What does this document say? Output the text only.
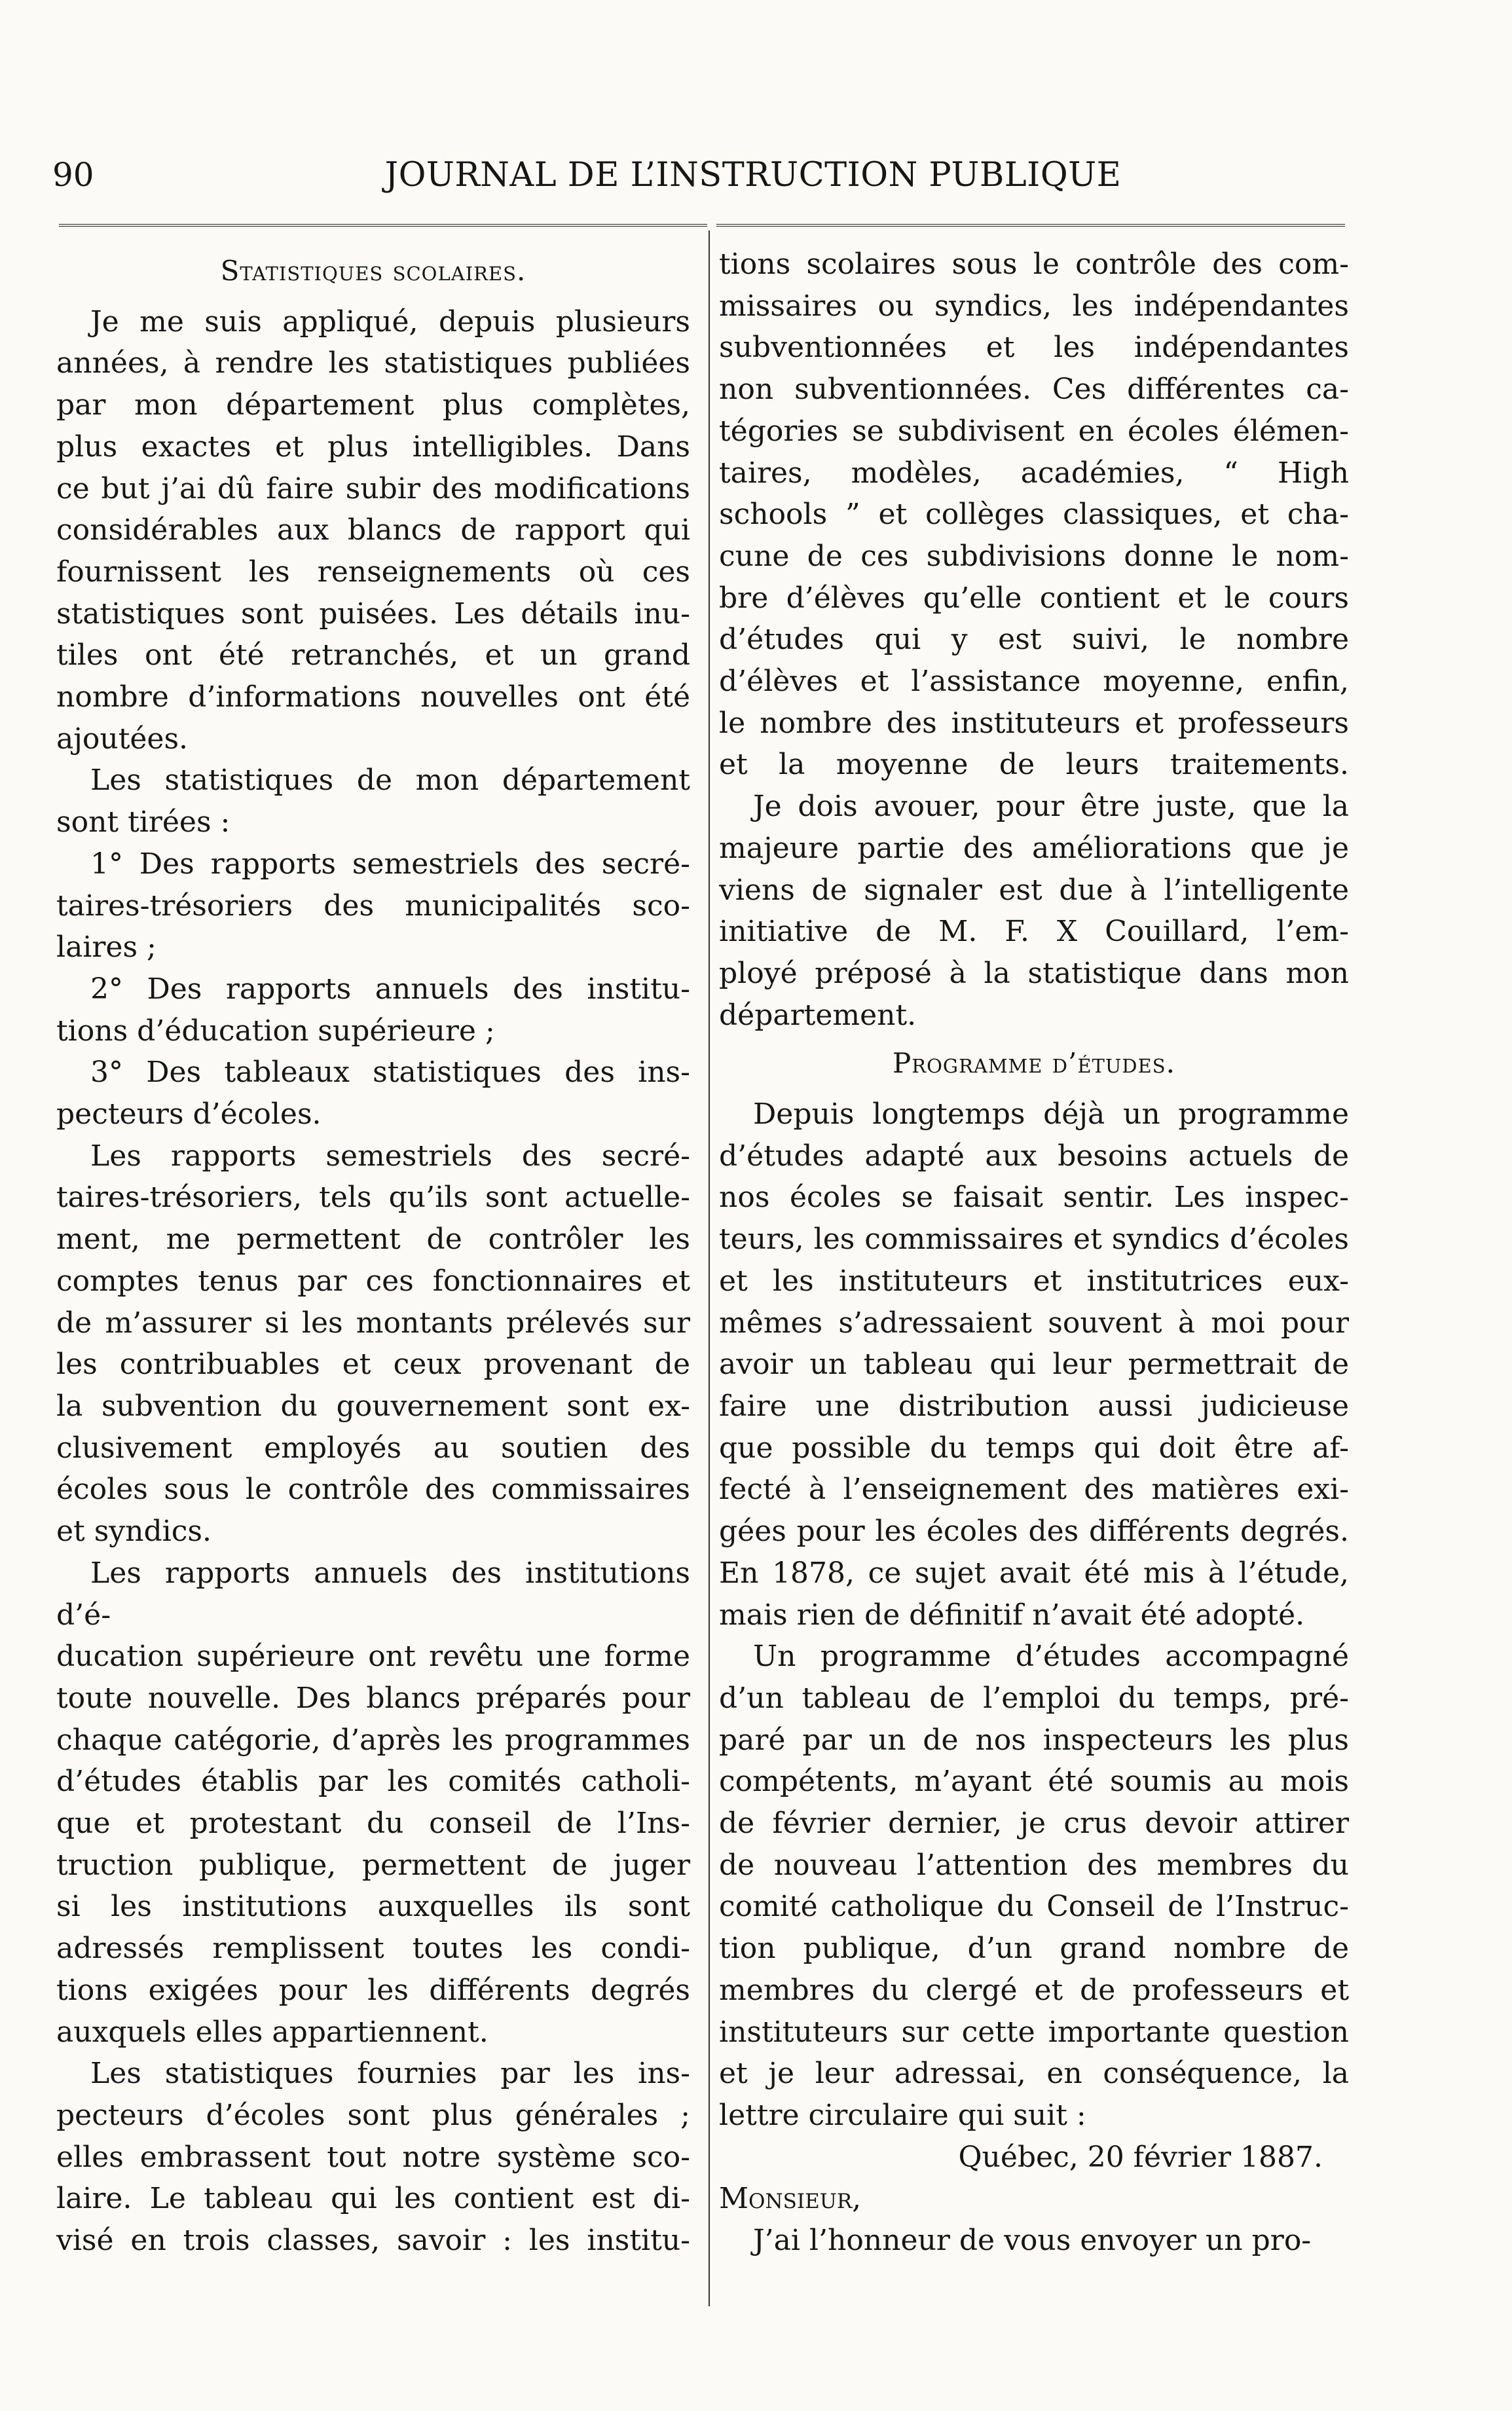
90	JOURNAL DE L’INSTRUCTION PUBLIQUE
Statistiques scolaires.

Je me suis appliqué, depuis plusieurs

années, à rendre les statistiques publiées

par mon département plus complètes,

plus exactes et plus intelligibles. Dans

ce but j’ai dû faire subir des modifications

considérables aux blancs de rapport qui

fournissent les renseignements où ces

statistiques sont puisées. Les détails inu-

tiles ont été retranchés, et un grand

nombre d’informations nouvelles ont été

ajoutées.

Les statistiques de mon département

sont tirées :

1° Des rapports semestriels des secré-

taires-trésoriers des municipalités sco-

laires ;

2° Des rapports annuels des institu-

tions d’éducation supérieure ;

3° Des tableaux statistiques des ins-

pecteurs d’écoles.

Les rapports semestriels des secré-

taires-trésoriers, tels qu’ils sont actuelle-

ment, me permettent de contrôler les

comptes tenus par ces fonctionnaires et

de m’assurer si les montants prélevés sur

les contribuables et ceux provenant de

la subvention du gouvernement sont ex-

clusivement employés au soutien des

écoles sous le contrôle des commissaires

et syndics.

Les rapports annuels des institutions d’é-

ducation supérieure ont revêtu une forme

toute nouvelle. Des blancs préparés pour

chaque catégorie, d’après les programmes

d’études établis par les comités catholi-

que et protestant du conseil de l’Ins-

truction publique, permettent de juger

si les institutions auxquelles ils sont

adressés remplissent toutes les condi-

tions exigées pour les différents degrés

auxquels elles appartiennent.

Les statistiques fournies par les ins-

pecteurs d’écoles sont plus générales ;

elles embrassent tout notre système sco-

laire. Le tableau qui les contient est di-

visé en trois classes, savoir : les institu-

tions scolaires sous le contrôle des com-

missaires ou syndics, les indépendantes

subventionnées et les indépendantes

non subventionnées. Ces différentes ca-

tégories se subdivisent en écoles élémen-

taires, modèles, académies, “ High

schools ” et collèges classiques, et cha-

cune de ces subdivisions donne le nom-

bre d’élèves qu’elle contient et le cours

d’études qui y est suivi, le nombre

d’élèves et l’assistance moyenne, enfin,

le nombre des instituteurs et professeurs

et la moyenne de leurs traitements.

Je dois avouer, pour être juste, que la

majeure partie des améliorations que je

viens de signaler est due à l’intelligente

initiative de M. F. X Couillard, l’em-

ployé préposé à la statistique dans mon

département.

Programme d’études.

Depuis longtemps déjà un programme

d’études adapté aux besoins actuels de

nos écoles se faisait sentir. Les inspec-

teurs, les commissaires et syndics d’écoles

et les instituteurs et institutrices eux-

mêmes s’adressaient souvent à moi pour

avoir un tableau qui leur permettrait de

faire une distribution aussi judicieuse

que possible du temps qui doit être af-

fecté à l’enseignement des matières exi-

gées pour les écoles des différents degrés.

En 1878, ce sujet avait été mis à l’étude,

mais rien de définitif n’avait été adopté.

Un programme d’études accompagné

d’un tableau de l’emploi du temps, pré-

paré par un de nos inspecteurs les plus

compétents, m’ayant été soumis au mois

de février dernier, je crus devoir attirer

de nouveau l’attention des membres du

comité catholique du Conseil de l’Instruc-

tion publique, d’un grand nombre de

membres du clergé et de professeurs et

instituteurs sur cette importante question

et je leur adressai, en conséquence, la

lettre circulaire qui suit :

Québec, 20 février 1887.
Monsieur,

J’ai l’honneur de vous envoyer un pro-
